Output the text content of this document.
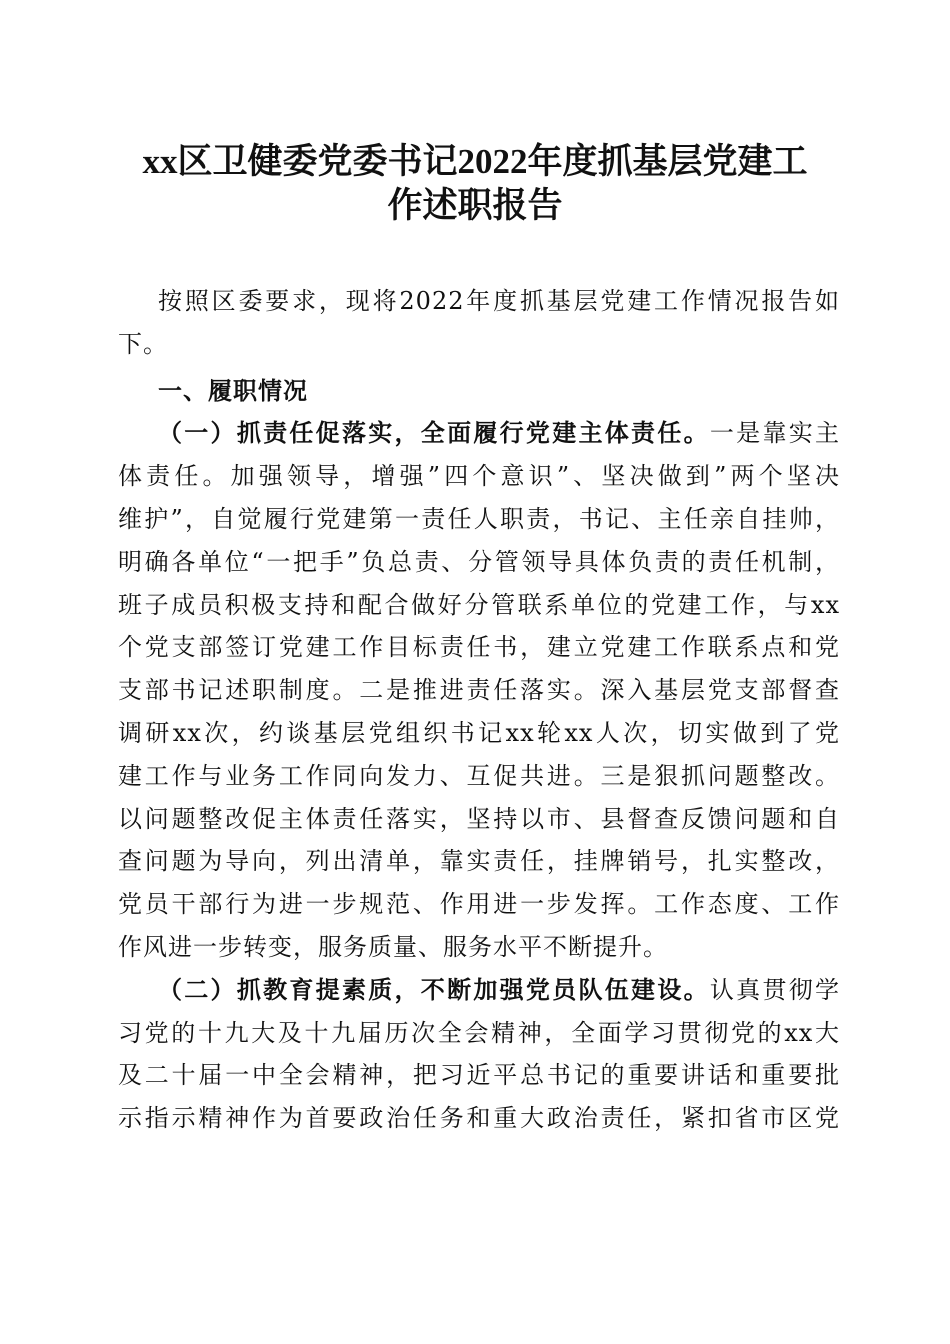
xx区卫健委党委书记2022年度抓基层党建工
作述职报告
按照区委要求，现将2022年度抓基层党建工作情况报告如
下。
一、履职情况
（一）抓责任促落实，全面履行党建主体责任。一是靠实主
体责任。加强领导，增强”四个意识”、坚决做到”两个坚决
维护”，自觉履行党建第一责任人职责，书记、主任亲自挂帅，
明确各单位“一把手”负总责、分管领导具体负责的责任机制，
班子成员积极支持和配合做好分管联系单位的党建工作，与xx
个党支部签订党建工作目标责任书，建立党建工作联系点和党
支部书记述职制度。二是推进责任落实。深入基层党支部督查
调研xx次，约谈基层党组织书记xx轮xx人次，切实做到了党
建工作与业务工作同向发力、互促共进。三是狠抓问题整改。
以问题整改促主体责任落实，坚持以市、县督查反馈问题和自
查问题为导向，列出清单，靠实责任，挂牌销号，扎实整改，
党员干部行为进一步规范、作用进一步发挥。工作态度、工作
作风进一步转变，服务质量、服务水平不断提升。
（二）抓教育提素质，不断加强党员队伍建设。认真贯彻学
习党的十九大及十九届历次全会精神，全面学习贯彻党的xx大
及二十届一中全会精神，把习近平总书记的重要讲话和重要批
示指示精神作为首要政治任务和重大政治责任，紧扣省市区党
